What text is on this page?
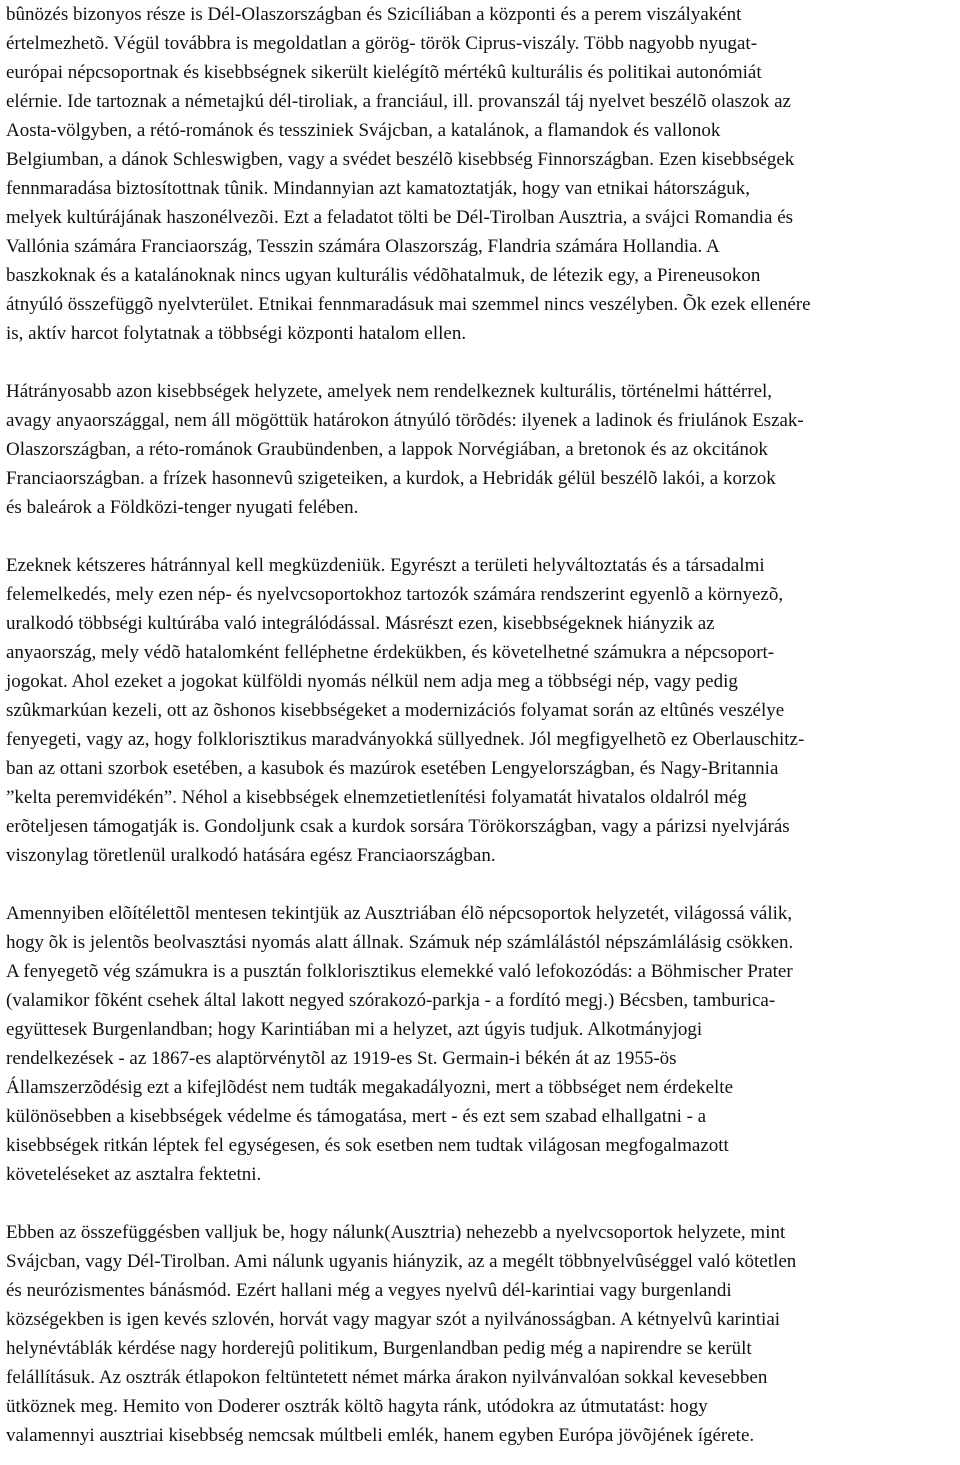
bûnözés bizonyos része is Dél-Olaszországban és Szicíliában a központi és a perem viszályaként
értelmezhetõ. Végül továbbra is megoldatlan a görög- török Ciprus-viszály. Több nagyobb nyugat-
európai népcsoportnak és kisebbségnek sikerült kielégítõ mértékû kulturális és politikai autonómiát
elérnie. Ide tartoznak a németajkú dél-tiroliak, a franciául, ill. provanszál táj nyelvet beszélõ olaszok az
Aosta-völgyben, a rétó-románok és tessziniek Svájcban, a katalánok, a flamandok és vallonok
Belgiumban, a dánok Schleswigben, vagy a svédet beszélõ kisebbség Finnországban. Ezen kisebbségek
fennmaradása biztosítottnak tûnik. Mindannyian azt kamatoztatják, hogy van etnikai hátországuk,
melyek kultúrájának haszonélvezõi. Ezt a feladatot tölti be Dél-Tirolban Ausztria, a svájci Romandia és
Vallónia számára Franciaország, Tesszin számára Olaszország, Flandria számára Hollandia. A
baszkoknak és a katalánoknak nincs ugyan kulturális védõhatalmuk, de létezik egy, a Pireneusokon
átnyúló összefüggõ nyelvterület. Etnikai fennmaradásuk mai szemmel nincs veszélyben. Õk ezek ellenére
is, aktív harcot folytatnak a többségi központi hatalom ellen.

Hátrányosabb azon kisebbségek helyzete, amelyek nem rendelkeznek kulturális, történelmi háttérrel,
avagy anyaországgal, nem áll mögöttük határokon átnyúló törõdés: ilyenek a ladinok és friulánok Eszak-
Olaszországban, a réto-románok Graubündenben, a lappok Norvégiában, a bretonok és az okcitánok
Franciaországban. a frízek hasonnevû szigeteiken, a kurdok, a Hebridák gélül beszélõ lakói, a korzok
és baleárok a Földközi-tenger nyugati felében.

Ezeknek kétszeres hátránnyal kell megküzdeniük. Egyrészt a területi helyváltoztatás és a társadalmi
felemelkedés, mely ezen nép- és nyelvcsoportokhoz tartozók számára rendszerint egyenlõ a környezõ,
uralkodó többségi kultúrába való integrálódással. Másrészt ezen, kisebbségeknek hiányzik az
anyaország, mely védõ hatalomként felléphetne érdekükben, és követelhetné számukra a népcsoport-
jogokat. Ahol ezeket a jogokat külföldi nyomás nélkül nem adja meg a többségi nép, vagy pedig
szûkmarkúan kezeli, ott az õshonos kisebbségeket a modernizációs folyamat során az eltûnés veszélye
fenyegeti, vagy az, hogy folklorisztikus maradványokká süllyednek. Jól megfigyelhetõ ez Oberlauschitz-
ban az ottani szorbok esetében, a kasubok és mazúrok esetében Lengyelországban, és Nagy-Britannia
”kelta peremvidékén”. Néhol a kisebbségek elnemzetietlenítési folyamatát hivatalos oldalról még
erõteljesen támogatják is. Gondoljunk csak a kurdok sorsára Törökországban, vagy a párizsi nyelvjárás
viszonylag töretlenül uralkodó hatására egész Franciaországban.

Amennyiben elõítélettõl mentesen tekintjük az Ausztriában élõ népcsoportok helyzetét, világossá válik,
hogy õk is jelentõs beolvasztási nyomás alatt állnak. Számuk nép számlálástól népszámlálásig csökken.
A fenyegetõ vég számukra is a pusztán folklorisztikus elemekké való lefokozódás: a Böhmischer Prater
(valamikor fõként csehek által lakott negyed szórakozó-parkja - a fordító megj.) Bécsben, tamburica-
együttesek Burgenlandban; hogy Karintiában mi a helyzet, azt úgyis tudjuk. Alkotmányjogi
rendelkezések - az 1867-es alaptörvénytõl az 1919-es St. Germain-i békén át az 1955-ös
Államszerzõdésig ezt a kifejlõdést nem tudták megakadályozni, mert a többséget nem érdekelte
különösebben a kisebbségek védelme és támogatása, mert - és ezt sem szabad elhallgatni - a
kisebbségek ritkán léptek fel egységesen, és sok esetben nem tudtak világosan megfogalmazott
követeléseket az asztalra fektetni.

Ebben az összefüggésben valljuk be, hogy nálunk(Ausztria) nehezebb a nyelvcsoportok helyzete, mint
Svájcban, vagy Dél-Tirolban. Ami nálunk ugyanis hiányzik, az a megélt többnyelvûséggel való kötetlen
és neurózismentes bánásmód. Ezért hallani még a vegyes nyelvû dél-karintiai vagy burgenlandi
községekben is igen kevés szlovén, horvát vagy magyar szót a nyilvánosságban. A kétnyelvû karintiai
helynévtáblák kérdése nagy horderejû politikum, Burgenlandban pedig még a napirendre se került
felállításuk. Az osztrák étlapokon feltüntetett német márka árakon nyilvánvalóan sokkal kevesebben
ütköznek meg. Hemito von Doderer osztrák költõ hagyta ránk, utódokra az útmutatást: hogy
valamennyi ausztriai kisebbség nemcsak múltbeli emlék, hanem egyben Európa jövõjének ígérete.
